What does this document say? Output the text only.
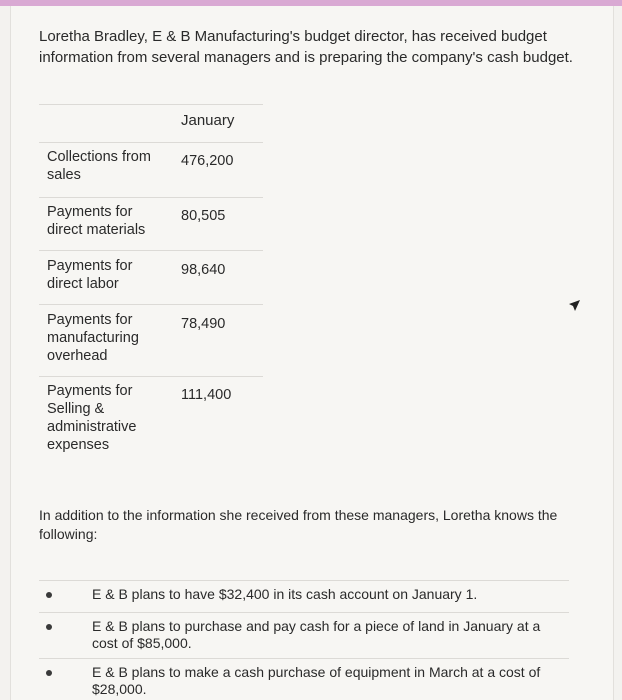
Loretha Bradley, E & B Manufacturing's budget director, has received budget information from several managers and is preparing the company's cash budget.

January
Collections from sales
476,200
Payments for direct materials
80,505
Payments for direct labor
98,640
Payments for manufacturing overhead
78,490
Payments for Selling & administrative expenses
111,400

In addition to the information she received from these managers, Loretha knows the following:

E & B plans to have $32,400 in its cash account on January 1.
E & B plans to purchase and pay cash for a piece of land in January at a cost of $85,000.
E & B plans to make a cash purchase of equipment in March at a cost of $28,000.
